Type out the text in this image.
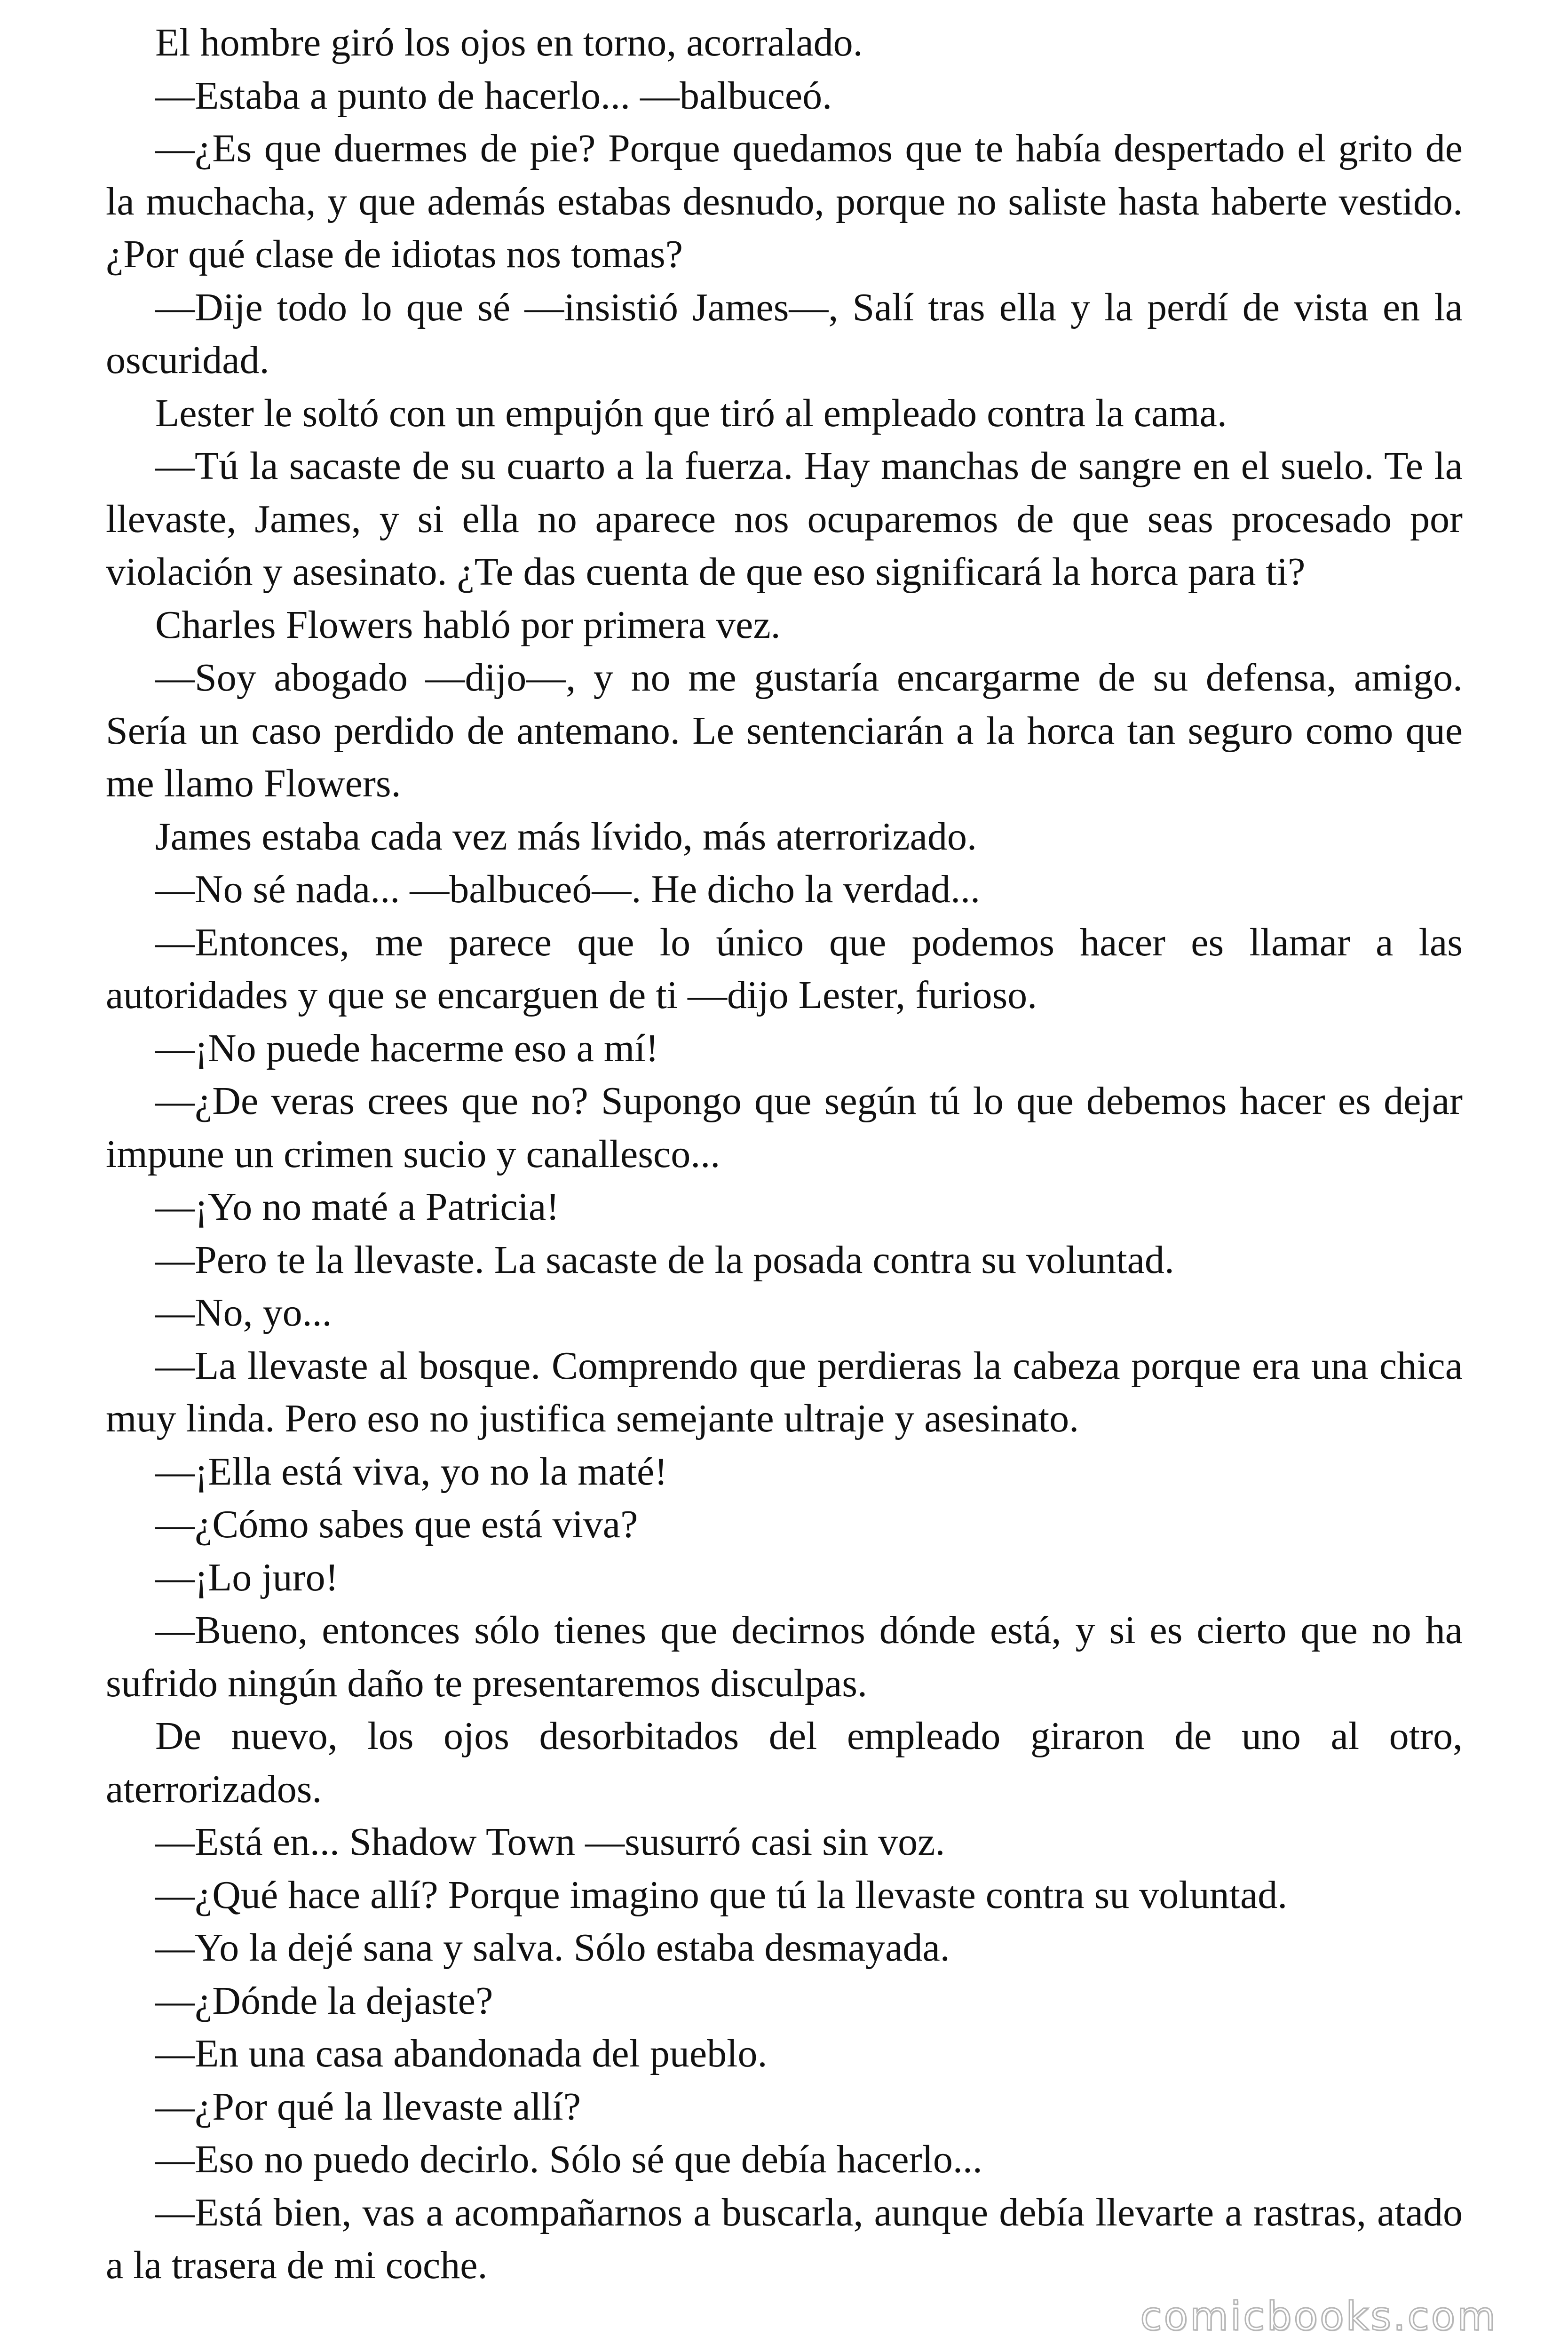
El hombre giró los ojos en torno, acorralado.

—Estaba a punto de hacerlo... —balbuceó.

—¿Es que duermes de pie? Porque quedamos que te había despertado el grito de la muchacha, y que además estabas desnudo, porque no saliste hasta haberte vestido. ¿Por qué clase de idiotas nos tomas?

—Dije todo lo que sé —insistió James—, Salí tras ella y la perdí de vista en la oscuridad.

Lester le soltó con un empujón que tiró al empleado contra la cama.

—Tú la sacaste de su cuarto a la fuerza. Hay manchas de sangre en el suelo. Te la llevaste, James, y si ella no aparece nos ocuparemos de que seas procesado por violación y asesinato. ¿Te das cuenta de que eso significará la horca para ti?

Charles Flowers habló por primera vez.

—Soy abogado —dijo—, y no me gustaría encargarme de su defensa, amigo. Sería un caso perdido de antemano. Le sentenciarán a la horca tan seguro como que me llamo Flowers.

James estaba cada vez más lívido, más aterrorizado.

—No sé nada... —balbuceó—. He dicho la verdad...

—Entonces, me parece que lo único que podemos hacer es llamar a las autoridades y que se encarguen de ti —dijo Lester, furioso.

—¡No puede hacerme eso a mí!

—¿De veras crees que no? Supongo que según tú lo que debemos hacer es dejar impune un crimen sucio y canallesco...

—¡Yo no maté a Patricia!

—Pero te la llevaste. La sacaste de la posada contra su voluntad.

—No, yo...

—La llevaste al bosque. Comprendo que perdieras la cabeza porque era una chica muy linda. Pero eso no justifica semejante ultraje y asesinato.

—¡Ella está viva, yo no la maté!

—¿Cómo sabes que está viva?

—¡Lo juro!

—Bueno, entonces sólo tienes que decirnos dónde está, y si es cierto que no ha sufrido ningún daño te presentaremos disculpas.

De nuevo, los ojos desorbitados del empleado giraron de uno al otro, aterrorizados.

—Está en... Shadow Town —susurró casi sin voz.

—¿Qué hace allí? Porque imagino que tú la llevaste contra su voluntad.

—Yo la dejé sana y salva. Sólo estaba desmayada.

—¿Dónde la dejaste?

—En una casa abandonada del pueblo.

—¿Por qué la llevaste allí?

—Eso no puedo decirlo. Sólo sé que debía hacerlo...

—Está bien, vas a acompañarnos a buscarla, aunque debía llevarte a rastras, atado a la trasera de mi coche.

comicbooks.com
